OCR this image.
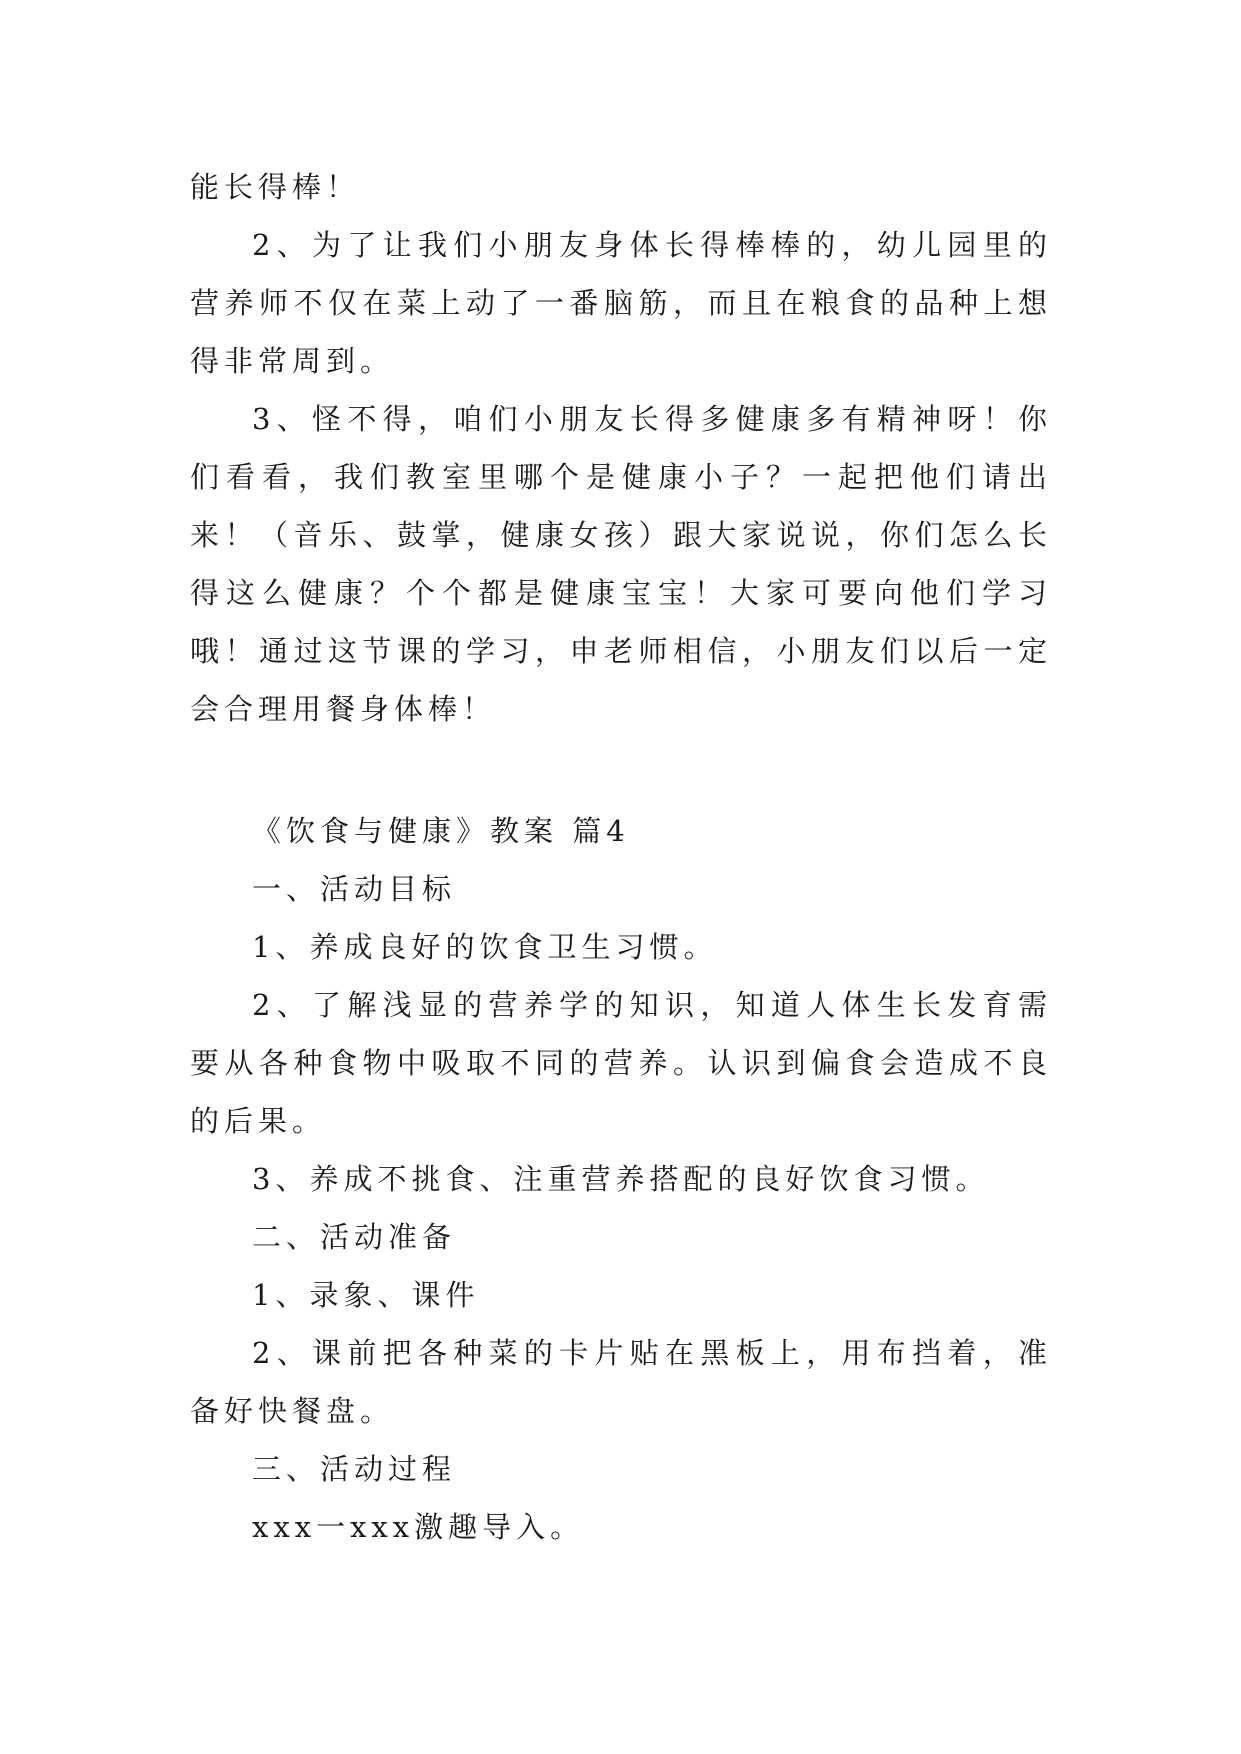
能长得棒！

2、为了让我们小朋友身体长得棒棒的，幼儿园里的营养师不仅在菜上动了一番脑筋，而且在粮食的品种上想得非常周到。

3、怪不得，咱们小朋友长得多健康多有精神呀！你们看看，我们教室里哪个是健康小子？一起把他们请出来！（音乐、鼓掌，健康女孩）跟大家说说，你们怎么长得这么健康？个个都是健康宝宝！大家可要向他们学习哦！通过这节课的学习，申老师相信，小朋友们以后一定会合理用餐身体棒！

《饮食与健康》教案 篇4

一、活动目标

1、养成良好的饮食卫生习惯。

2、了解浅显的营养学的知识，知道人体生长发育需要从各种食物中吸取不同的营养。认识到偏食会造成不良的后果。

3、养成不挑食、注重营养搭配的良好饮食习惯。

二、活动准备

1、录象、课件

2、课前把各种菜的卡片贴在黑板上，用布挡着，准备好快餐盘。

三、活动过程

xxx一xxx激趣导入。
